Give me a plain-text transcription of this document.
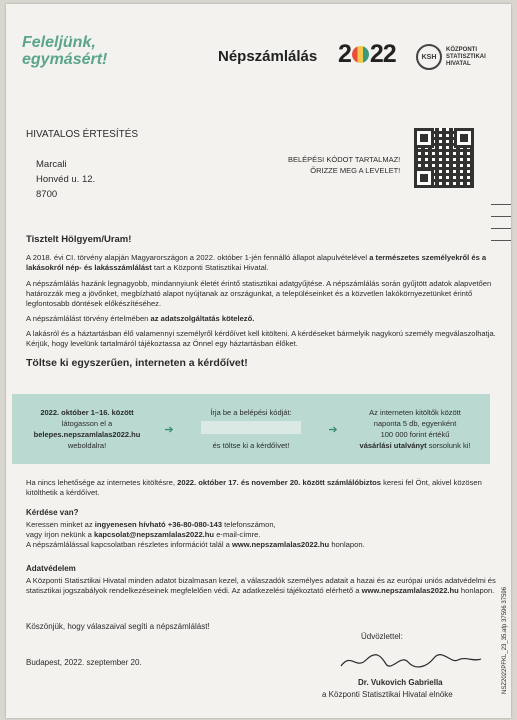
Feleljünk,
egymásért!	Népszámlálás 2 22	KSH
KÖZPONTI
STATISZTIKAI
HIVATAL
HIVATALOS ÉRTESÍTÉS
Marcali
Honvéd u. 12.
8700
BELÉPÉSI KÓDOT TARTALMAZ!
ŐRIZZE MEG A LEVELET!
Tisztelt Hölgyem/Uram!
A 2018. évi CI. törvény alapján Magyarországon a 2022. október 1-jén fennálló állapot alapulvételével a természetes személyekről és a lakásokról nép- és lakásszámlálást tart a Központi Statisztikai Hivatal.
A népszámlálás hazánk legnagyobb, mindannyiunk életét érintő statisztikai adatgyűjtése. A népszámlálás során gyűjtött adatok alapvetően határozzák meg a jövőnket, megbízható alapot nyújtanak az országunkat, a településeinket és a közvetlen lakókörnyezetünket érintő legfontosabb döntések előkészítéséhez.
A népszámlálást törvény értelmében az adatszolgáltatás kötelező.
A lakásról és a háztartásban élő valamennyi személyről kérdőívet kell kitölteni. A kérdéseket bármelyik nagykorú személy megválaszolhatja. Kérjük, hogy levelünk tartalmáról tájékoztassa az Önnel egy háztartásban élőket.
Töltse ki egyszerűen, interneten a kérdőívet!
2022. október 1–16. között
látogasson el a
belepes.nepszamlalas2022.hu
weboldalra!
➔
Írja be a belépési kódját:
és töltse ki a kérdőívet!
➔
Az interneten kitöltők között
naponta 5 db, egyenként
100 000 forint értékű
vásárlási utalványt sorsolunk ki!
Ha nincs lehetősége az internetes kitöltésre, 2022. október 17. és november 20. között számlálóbiztos keresi fel Önt, akivel közösen kitölthetik a kérdőívet.
Kérdése van?
Keressen minket az ingyenesen hívható +36-80-080-143 telefonszámon,
vagy írjon nekünk a kapcsolat@nepszamlalas2022.hu e-mail-címre.
A népszámlálással kapcsolatban részletes információt talál a www.nepszamlalas2022.hu honlapon.
Adatvédelem
A Központi Statisztikai Hivatal minden adatot bizalmasan kezel, a válaszadók személyes adatait a hazai és az európai uniós adatvédelmi és statisztikai jogszabályok rendelkezéseinek megfelelően védi. Az adatkezelési tájékoztató elérhető a www.nepszamlalas2022.hu honlapon.
Köszönjük, hogy válaszaival segíti a népszámlálást!
Üdvözlettel:
Budapest, 2022. szeptember 20.
Dr. Vukovich Gabriella
a Központi Statisztikai Hivatal elnöke
NSZ2022PFKL_23_35.afp 37596 37596
